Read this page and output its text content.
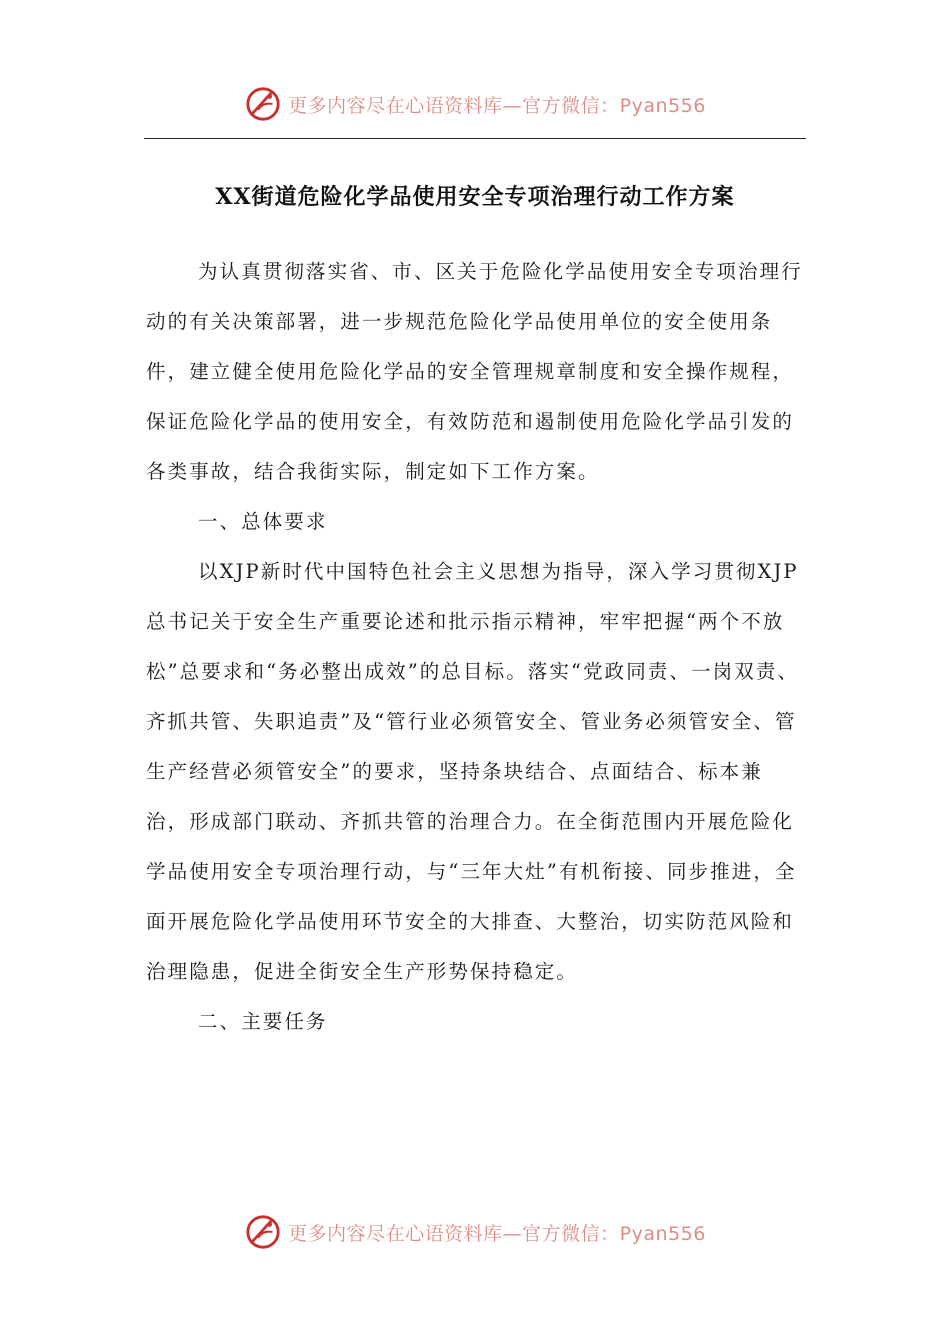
更多内容尽在心语资料库—官方微信：Pyan556
XX街道危险化学品使用安全专项治理行动工作方案

为认真贯彻落实省、市、区关于危险化学品使用安全专项治理行动的有关决策部署，进一步规范危险化学品使用单位的安全使用条件，建立健全使用危险化学品的安全管理规章制度和安全操作规程，保证危险化学品的使用安全，有效防范和遏制使用危险化学品引发的各类事故，结合我街实际，制定如下工作方案。

一、总体要求

以XJP新时代中国特色社会主义思想为指导，深入学习贯彻XJP总书记关于安全生产重要论述和批示指示精神，牢牢把握“两个不放松”总要求和“务必整出成效”的总目标。落实“党政同责、一岗双责、齐抓共管、失职追责”及“管行业必须管安全、管业务必须管安全、管生产经营必须管安全”的要求，坚持条块结合、点面结合、标本兼治，形成部门联动、齐抓共管的治理合力。在全街范围内开展危险化学品使用安全专项治理行动，与“三年大灶”有机衔接、同步推进，全面开展危险化学品使用环节安全的大排查、大整治，切实防范风险和治理隐患，促进全街安全生产形势保持稳定。

二、主要任务

更多内容尽在心语资料库—官方微信：Pyan556
